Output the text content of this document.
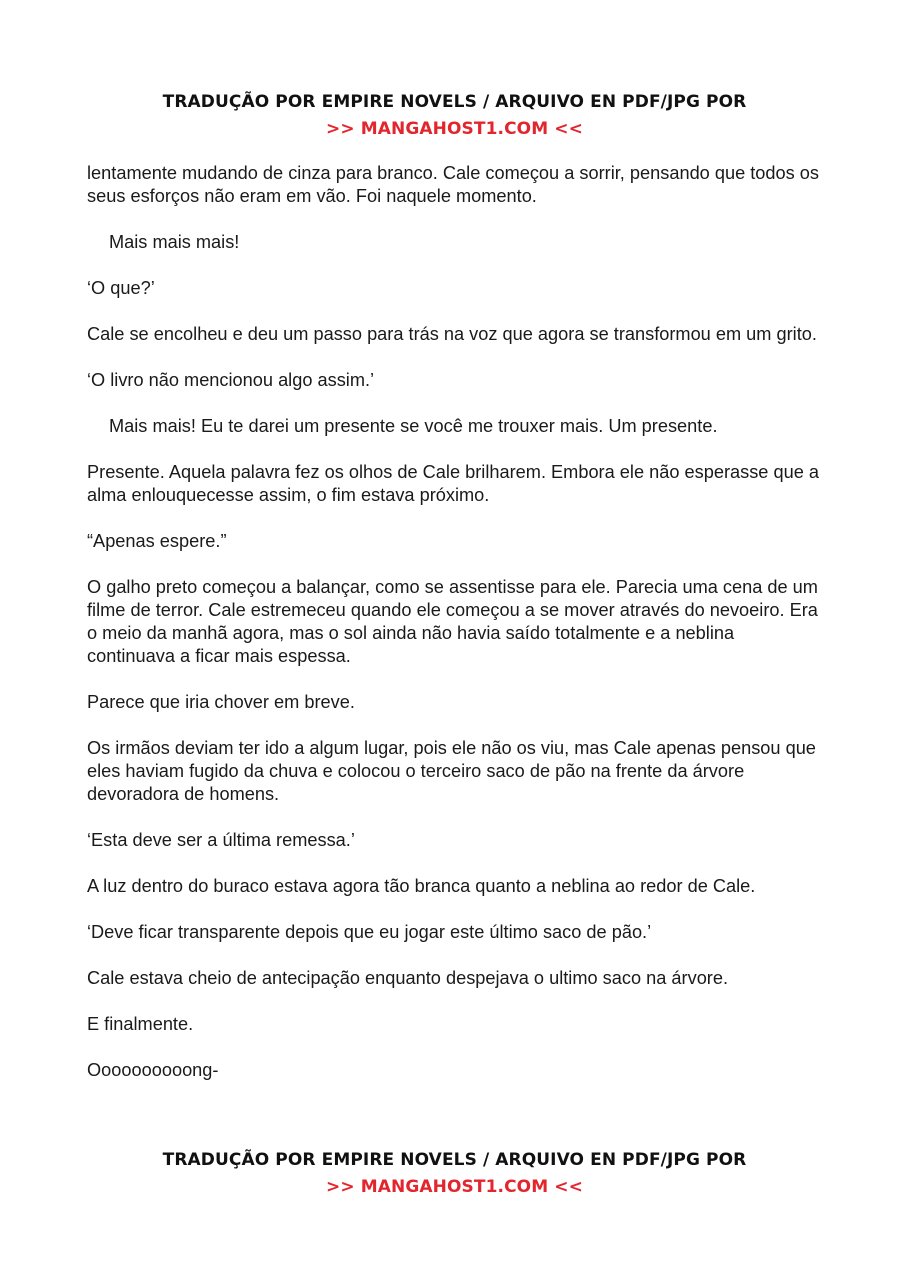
TRADUÇÃO POR EMPIRE NOVELS / ARQUIVO EN PDF/JPG POR
>> MANGAHOST1.COM <<

lentamente mudando de cinza para branco. Cale começou a sorrir, pensando que todos os seus esforços não eram em vão. Foi naquele momento.

Mais mais mais!

‘O que?’

Cale se encolheu e deu um passo para trás na voz que agora se transformou em um grito.

‘O livro não mencionou algo assim.’

Mais mais! Eu te darei um presente se você me trouxer mais. Um presente.

Presente. Aquela palavra fez os olhos de Cale brilharem. Embora ele não esperasse que a alma enlouquecesse assim, o fim estava próximo.

“Apenas espere.”

O galho preto começou a balançar, como se assentisse para ele. Parecia uma cena de um filme de terror. Cale estremeceu quando ele começou a se mover através do nevoeiro. Era o meio da manhã agora, mas o sol ainda não havia saído totalmente e a neblina continuava a ficar mais espessa.

Parece que iria chover em breve.

Os irmãos deviam ter ido a algum lugar, pois ele não os viu, mas Cale apenas pensou que eles haviam fugido da chuva e colocou o terceiro saco de pão na frente da árvore devoradora de homens.

‘Esta deve ser a última remessa.’

A luz dentro do buraco estava agora tão branca quanto a neblina ao redor de Cale.

‘Deve ficar transparente depois que eu jogar este último saco de pão.’

Cale estava cheio de antecipação enquanto despejava o ultimo saco na árvore.

E finalmente.

Oooooooooong-

TRADUÇÃO POR EMPIRE NOVELS / ARQUIVO EN PDF/JPG POR
>> MANGAHOST1.COM <<
